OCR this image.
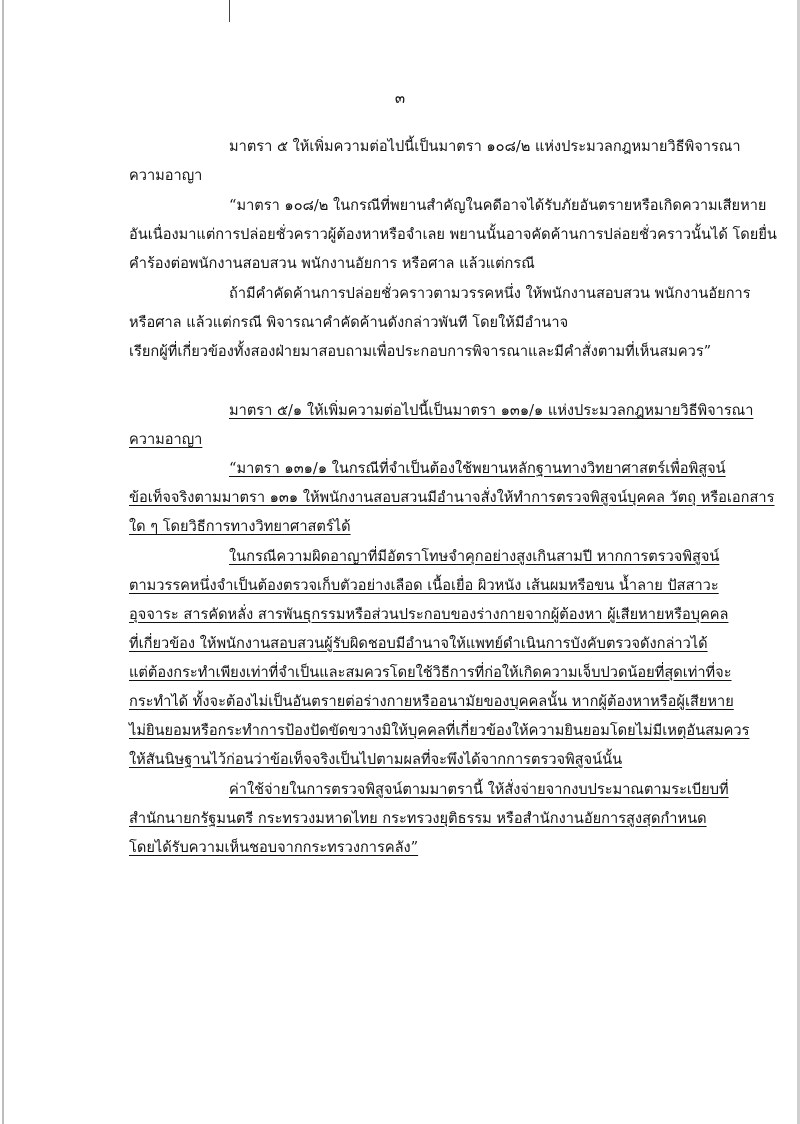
๓
มาตรา ๕ ให้เพิ่มความต่อไปนี้เป็นมาตรา ๑๐๘/๒ แห่งประมวลกฎหมายวิธีพิจารณา
ความอาญา
“มาตรา ๑๐๘/๒ ในกรณีที่พยานสำคัญในคดีอาจได้รับภัยอันตรายหรือเกิดความเสียหาย
อันเนื่องมาแต่การปล่อยชั่วคราวผู้ต้องหาหรือจำเลย พยานนั้นอาจคัดค้านการปล่อยชั่วคราวนั้นได้ โดยยื่น
คำร้องต่อพนักงานสอบสวน พนักงานอัยการ หรือศาล แล้วแต่กรณี
ถ้ามีคำคัดค้านการปล่อยชั่วคราวตามวรรคหนึ่ง ให้พนักงานสอบสวน พนักงานอัยการ
หรือศาล แล้วแต่กรณี พิจารณาคำคัดค้านดังกล่าวพันที โดยให้มีอำนาจ
เรียกผู้ที่เกี่ยวข้องทั้งสองฝ่ายมาสอบถามเพื่อประกอบการพิจารณาและมีคำสั่งตามที่เห็นสมควร”
มาตรา ๕/๑ ให้เพิ่มความต่อไปนี้เป็นมาตรา ๑๓๑/๑ แห่งประมวลกฎหมายวิธีพิจารณา
ความอาญา
“มาตรา ๑๓๑/๑ ในกรณีที่จำเป็นต้องใช้พยานหลักฐานทางวิทยาศาสตร์เพื่อพิสูจน์
ข้อเท็จจริงตามมาตรา ๑๓๑ ให้พนักงานสอบสวนมีอำนาจสั่งให้ทำการตรวจพิสูจน์บุคคล วัตถุ หรือเอกสาร
ใด ๆ โดยวิธีการทางวิทยาศาสตร์ได้
ในกรณีความผิดอาญาที่มีอัตราโทษจำคุกอย่างสูงเกินสามปี หากการตรวจพิสูจน์
ตามวรรคหนึ่งจำเป็นต้องตรวจเก็บตัวอย่างเลือด เนื้อเยื่อ ผิวหนัง เส้นผมหรือขน น้ำลาย ปัสสาวะ
อุจจาระ สารคัดหลั่ง สารพันธุกรรมหรือส่วนประกอบของร่างกายจากผู้ต้องหา ผู้เสียหายหรือบุคคล
ที่เกี่ยวข้อง ให้พนักงานสอบสวนผู้รับผิดชอบมีอำนาจให้แพทย์ดำเนินการบังคับตรวจดังกล่าวได้
แต่ต้องกระทำเพียงเท่าที่จำเป็นและสมควรโดยใช้วิธีการที่ก่อให้เกิดความเจ็บปวดน้อยที่สุดเท่าที่จะ
กระทำได้ ทั้งจะต้องไม่เป็นอันตรายต่อร่างกายหรืออนามัยของบุคคลนั้น หากผู้ต้องหาหรือผู้เสียหาย
ไม่ยินยอมหรือกระทำการป้องปัดขัดขวางมิให้บุคคลที่เกี่ยวข้องให้ความยินยอมโดยไม่มีเหตุอันสมควร
ให้สันนิษฐานไว้ก่อนว่าข้อเท็จจริงเป็นไปตามผลที่จะพึงได้จากการตรวจพิสูจน์นั้น
ค่าใช้จ่ายในการตรวจพิสูจน์ตามมาตรานี้ ให้สั่งจ่ายจากงบประมาณตามระเบียบที่
สำนักนายกรัฐมนตรี กระทรวงมหาดไทย กระทรวงยุติธรรม หรือสำนักงานอัยการสูงสุดกำหนด
โดยได้รับความเห็นชอบจากกระทรวงการคลัง”
